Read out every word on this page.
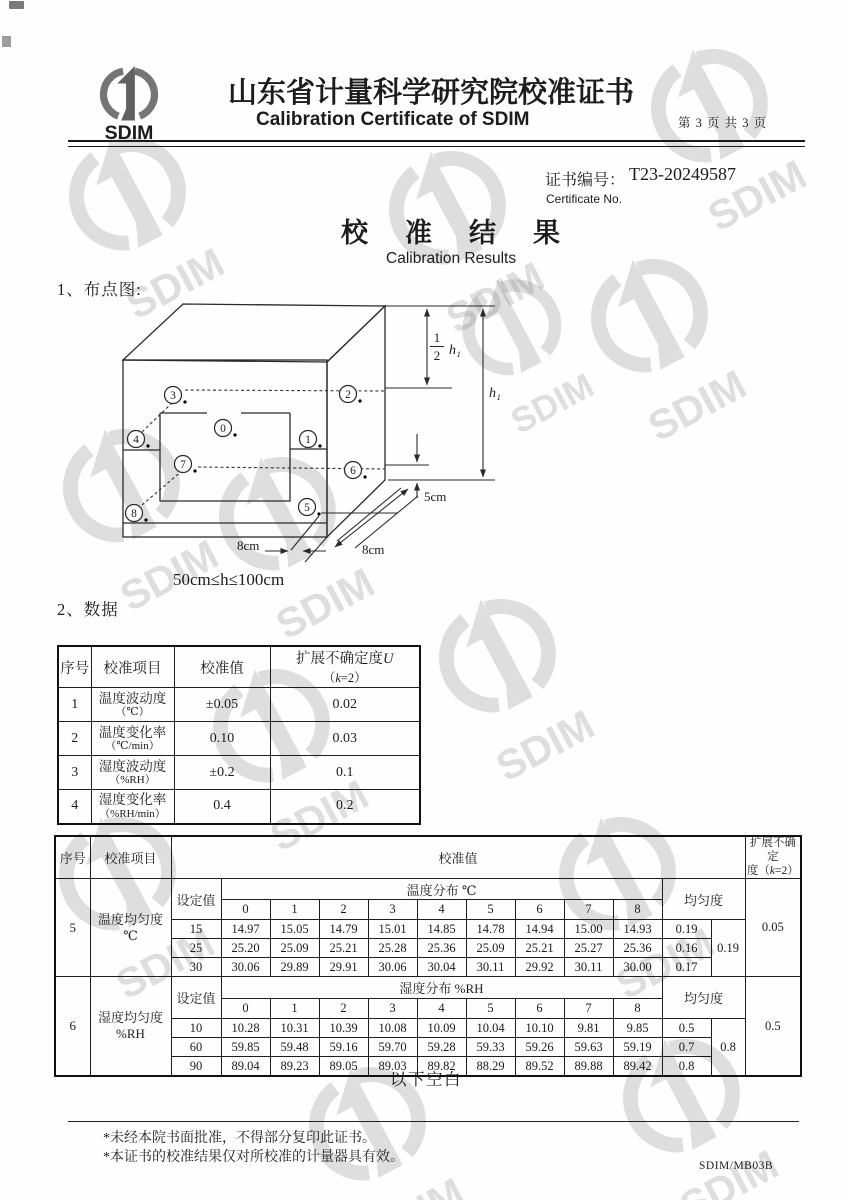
SDIM
山东省计量科学研究院校准证书
Calibration Certificate of SDIM	第 3 页 共 3 页
证书编号： T23-20249587
Certificate No.
校准结果
Calibration Results
1、布点图:
1
2 h₁
h₁
5cm
8cm	8cm
0
1
2
3
4
5
6
7
8
50cm≤h≤100cm
2、数据
序号	校准项目	校准值	扩展不确定度U
（k=2）
1	温度波动度
（℃）	±0.05	0.02
2	温度变化率
（℃/min）	0.10	0.03
3	湿度波动度
（%RH）	±0.2	0.1
4	湿度变化率
（%RH/min）	0.4	0.2
序号	校准项目	校准值												扩展不确定
度（k=2）
5	温度均匀度
℃	设定值	温度分布 ℃									均匀度		0.05
			0	1	2	3	4	5	6	7	8			
		15	14.97	15.05	14.79	15.01	14.85	14.78	14.94	15.00	14.93	0.19	0.19	
		25	25.20	25.09	25.21	25.28	25.36	25.09	25.21	25.27	25.36	0.16		
		30	30.06	29.89	29.91	30.06	30.04	30.11	29.92	30.11	30.00	0.17		
6	湿度均匀度
%RH	设定值	湿度分布 %RH									均匀度		0.5
			0	1	2	3	4	5	6	7	8			
		10	10.28	10.31	10.39	10.08	10.09	10.04	10.10	9.81	9.85	0.5	0.8	
		60	59.85	59.48	59.16	59.70	59.28	59.33	59.26	59.63	59.19	0.7		
		90	89.04	89.23	89.05	89.03	89.82	88.29	89.52	89.88	89.42	0.8		
以下空白
*未经本院书面批准，不得部分复印此证书。
*本证书的校准结果仅对所校准的计量器具有效。
SDIM/MB03B
